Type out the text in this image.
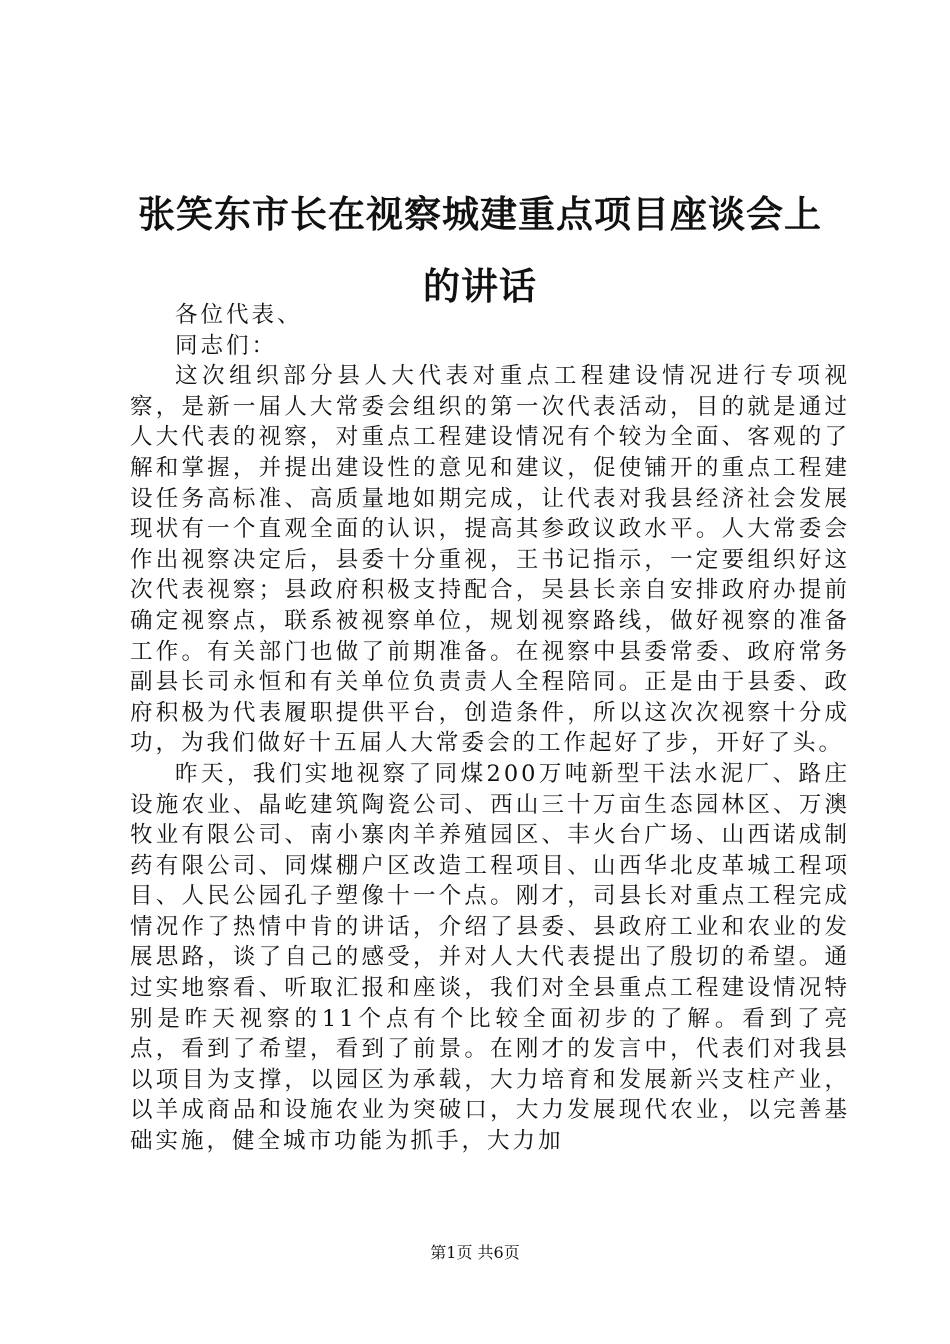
张笑东市长在视察城建重点项目座谈会上的讲话

各位代表、

同志们：

这次组织部分县人大代表对重点工程建设情况进行专项视察，是新一届人大常委会组织的第一次代表活动，目的就是通过人大代表的视察，对重点工程建设情况有个较为全面、客观的了解和掌握，并提出建设性的意见和建议，促使铺开的重点工程建设任务高标准、高质量地如期完成，让代表对我县经济社会发展现状有一个直观全面的认识，提高其参政议政水平。人大常委会作出视察决定后，县委十分重视，王书记指示，一定要组织好这次代表视察；县政府积极支持配合，吴县长亲自安排政府办提前确定视察点，联系被视察单位，规划视察路线，做好视察的准备工作。有关部门也做了前期准备。在视察中县委常委、政府常务副县长司永恒和有关单位负责责人全程陪同。正是由于县委、政府积极为代表履职提供平台，创造条件，所以这次次视察十分成功，为我们做好十五届人大常委会的工作起好了步，开好了头。

昨天，我们实地视察了同煤200万吨新型干法水泥厂、路庄设施农业、晶屹建筑陶瓷公司、西山三十万亩生态园林区、万澳牧业有限公司、南小寨肉羊养殖园区、丰火台广场、山西诺成制药有限公司、同煤棚户区改造工程项目、山西华北皮革城工程项目、人民公园孔子塑像十一个点。刚才，司县长对重点工程完成情况作了热情中肯的讲话，介绍了县委、县政府工业和农业的发展思路，谈了自己的感受，并对人大代表提出了殷切的希望。通过实地察看、听取汇报和座谈，我们对全县重点工程建设情况特别是昨天视察的11个点有个比较全面初步的了解。看到了亮点，看到了希望，看到了前景。在刚才的发言中，代表们对我县以项目为支撑，以园区为承载，大力培育和发展新兴支柱产业，以羊成商品和设施农业为突破口，大力发展现代农业，以完善基础实施，健全城市功能为抓手，大力加

第1页 共6页
